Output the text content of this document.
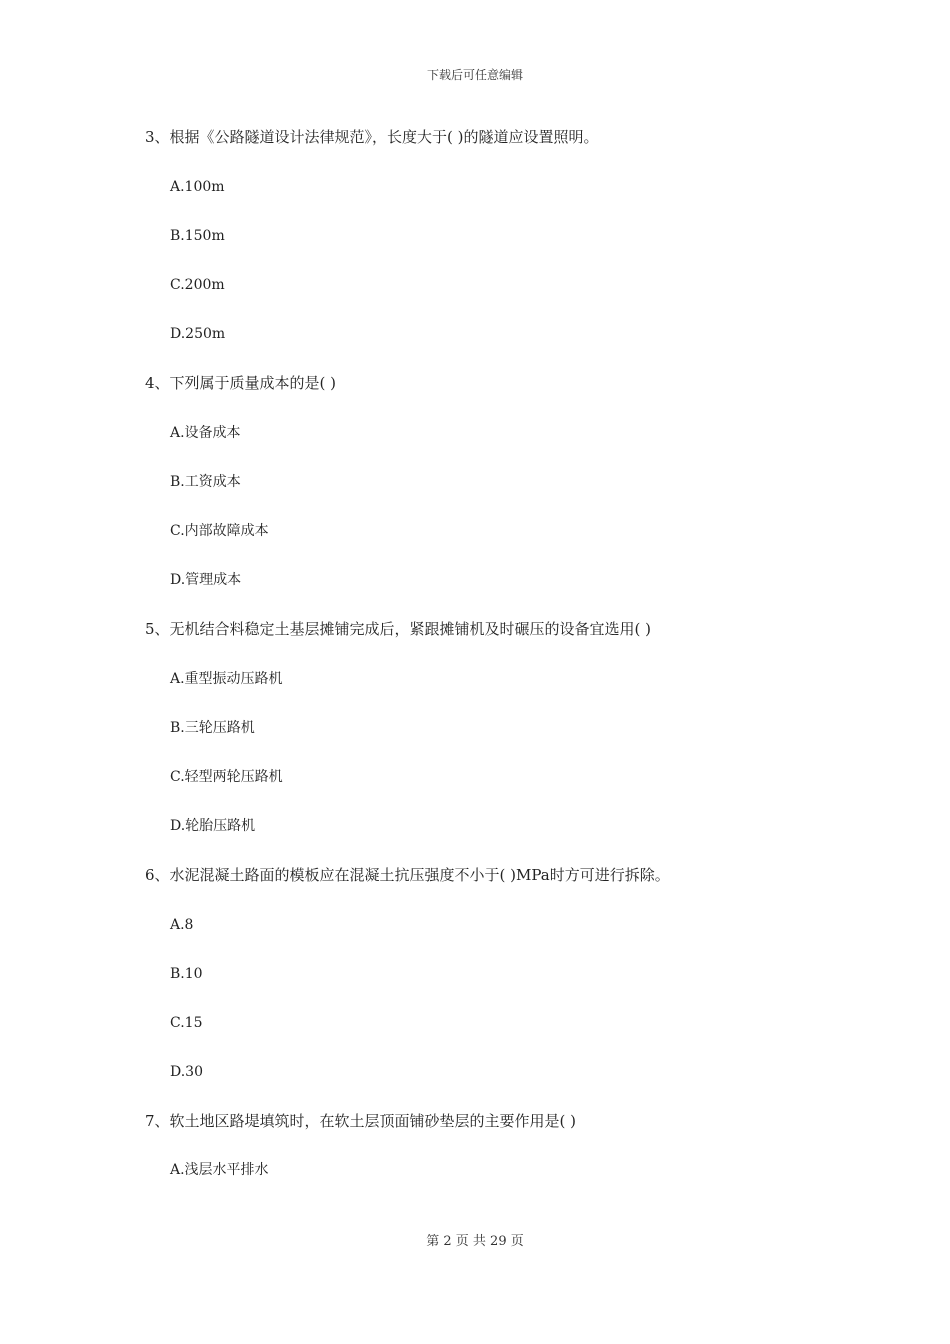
下载后可任意编辑
3、根据《公路隧道设计法律规范》，长度大于( )的隧道应设置照明。
A.100m
B.150m
C.200m
D.250m
4、下列属于质量成本的是( )
A.设备成本
B.工资成本
C.内部故障成本
D.管理成本
5、无机结合料稳定土基层摊铺完成后，紧跟摊铺机及时碾压的设备宜选用( )
A.重型振动压路机
B.三轮压路机
C.轻型两轮压路机
D.轮胎压路机
6、水泥混凝土路面的模板应在混凝土抗压强度不小于( )MPa时方可进行拆除。
A.8
B.10
C.15
D.30
7、软土地区路堤填筑时，在软土层顶面铺砂垫层的主要作用是( )
A.浅层水平排水
第 2 页 共 29 页
